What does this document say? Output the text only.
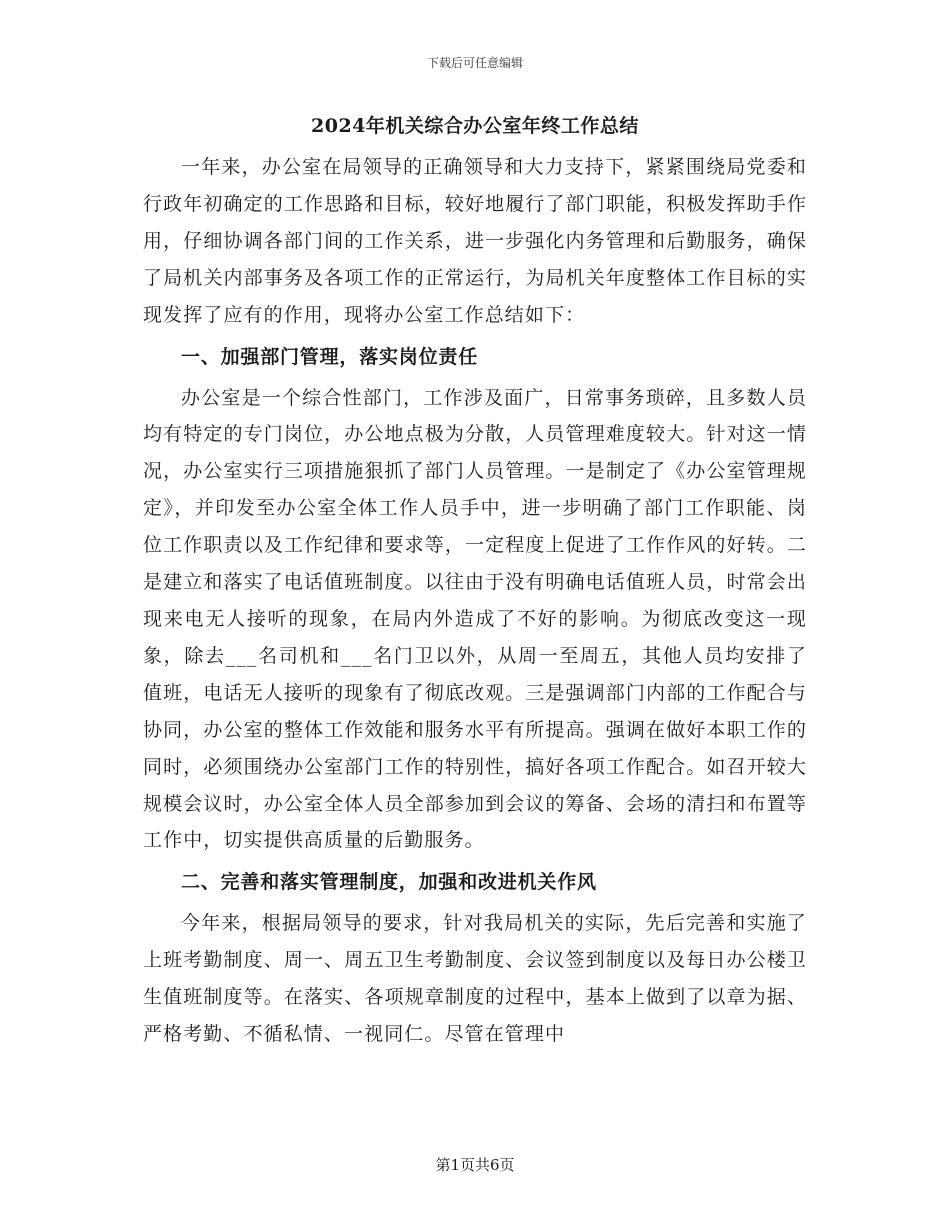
下载后可任意编辑
2024年机关综合办公室年终工作总结

一年来，办公室在局领导的正确领导和大力支持下，紧紧围绕局党委和行政年初确定的工作思路和目标，较好地履行了部门职能，积极发挥助手作用，仔细协调各部门间的工作关系，进一步强化内务管理和后勤服务，确保了局机关内部事务及各项工作的正常运行，为局机关年度整体工作目标的实现发挥了应有的作用，现将办公室工作总结如下：

一、加强部门管理，落实岗位责任

办公室是一个综合性部门，工作涉及面广，日常事务琐碎，且多数人员均有特定的专门岗位，办公地点极为分散，人员管理难度较大。针对这一情况，办公室实行三项措施狠抓了部门人员管理。一是制定了《办公室管理规定》，并印发至办公室全体工作人员手中，进一步明确了部门工作职能、岗位工作职责以及工作纪律和要求等，一定程度上促进了工作作风的好转。二是建立和落实了电话值班制度。以往由于没有明确电话值班人员，时常会出现来电无人接听的现象，在局内外造成了不好的影响。为彻底改变这一现象，除去___名司机和___名门卫以外，从周一至周五，其他人员均安排了值班，电话无人接听的现象有了彻底改观。三是强调部门内部的工作配合与协同，办公室的整体工作效能和服务水平有所提高。强调在做好本职工作的同时，必须围绕办公室部门工作的特别性，搞好各项工作配合。如召开较大规模会议时，办公室全体人员全部参加到会议的筹备、会场的清扫和布置等工作中，切实提供高质量的后勤服务。

二、完善和落实管理制度，加强和改进机关作风

今年来，根据局领导的要求，针对我局机关的实际，先后完善和实施了上班考勤制度、周一、周五卫生考勤制度、会议签到制度以及每日办公楼卫生值班制度等。在落实、各项规章制度的过程中，基本上做到了以章为据、严格考勤、不循私情、一视同仁。尽管在管理中

第1页共6页
